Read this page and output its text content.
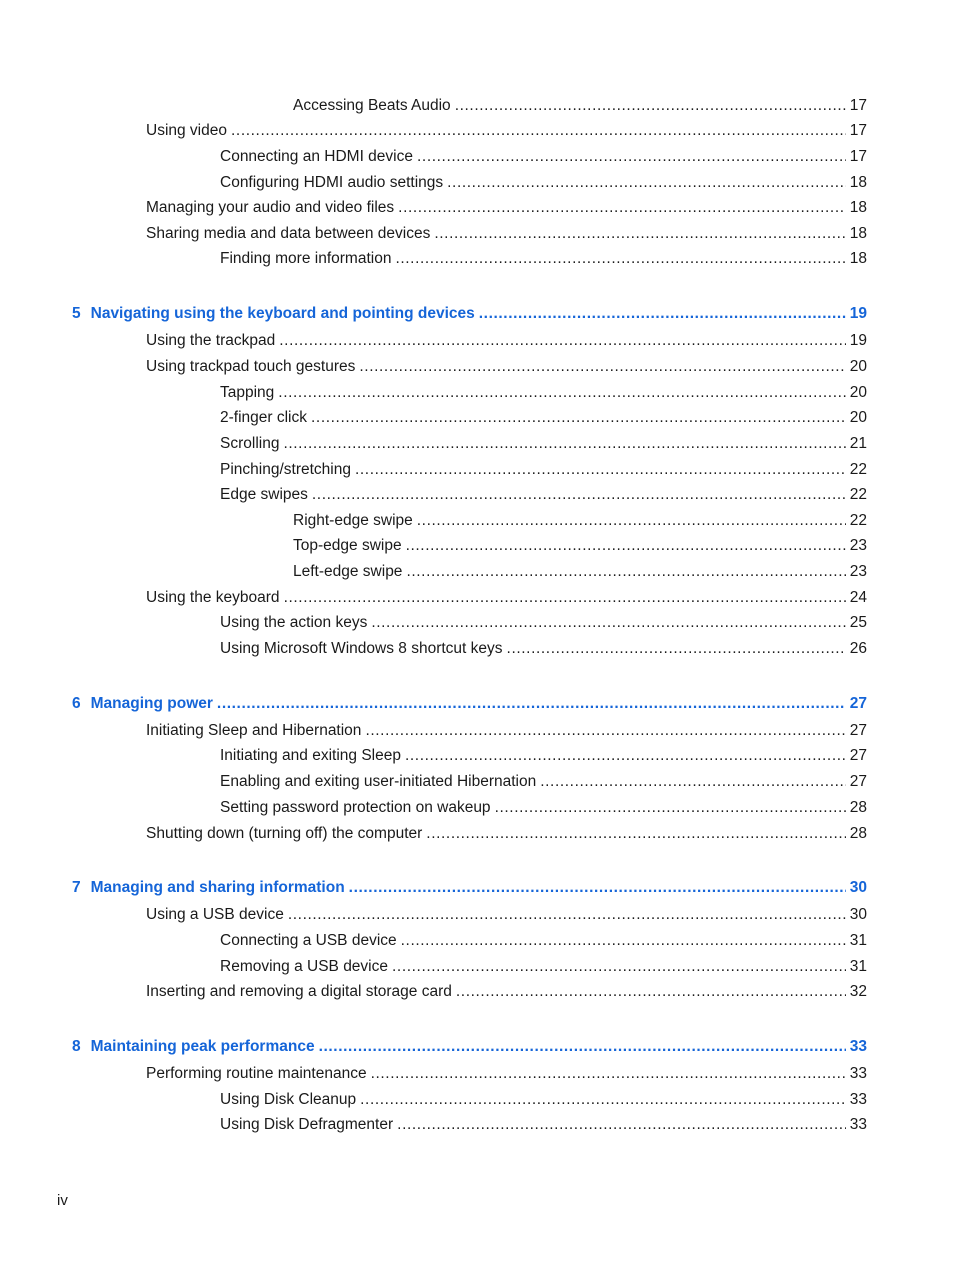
Accessing Beats Audio .....	17
Using video .....	17
Connecting an HDMI device .....	17
Configuring HDMI audio settings .....	18
Managing your audio and video files .....	18
Sharing media and data between devices .....	18
Finding more information .....	18
5 Navigating using the keyboard and pointing devices .....	19
Using the trackpad .....	19
Using trackpad touch gestures .....	20
Tapping .....	20
2-finger click .....	20
Scrolling .....	21
Pinching/stretching .....	22
Edge swipes .....	22
Right-edge swipe .....	22
Top-edge swipe .....	23
Left-edge swipe .....	23
Using the keyboard .....	24
Using the action keys .....	25
Using Microsoft Windows 8 shortcut keys .....	26
6 Managing power .....	27
Initiating Sleep and Hibernation .....	27
Initiating and exiting Sleep .....	27
Enabling and exiting user-initiated Hibernation .....	27
Setting password protection on wakeup .....	28
Shutting down (turning off) the computer .....	28
7 Managing and sharing information .....	30
Using a USB device .....	30
Connecting a USB device .....	31
Removing a USB device .....	31
Inserting and removing a digital storage card .....	32
8 Maintaining peak performance .....	33
Performing routine maintenance .....	33
Using Disk Cleanup .....	33
Using Disk Defragmenter .....	33
iv
